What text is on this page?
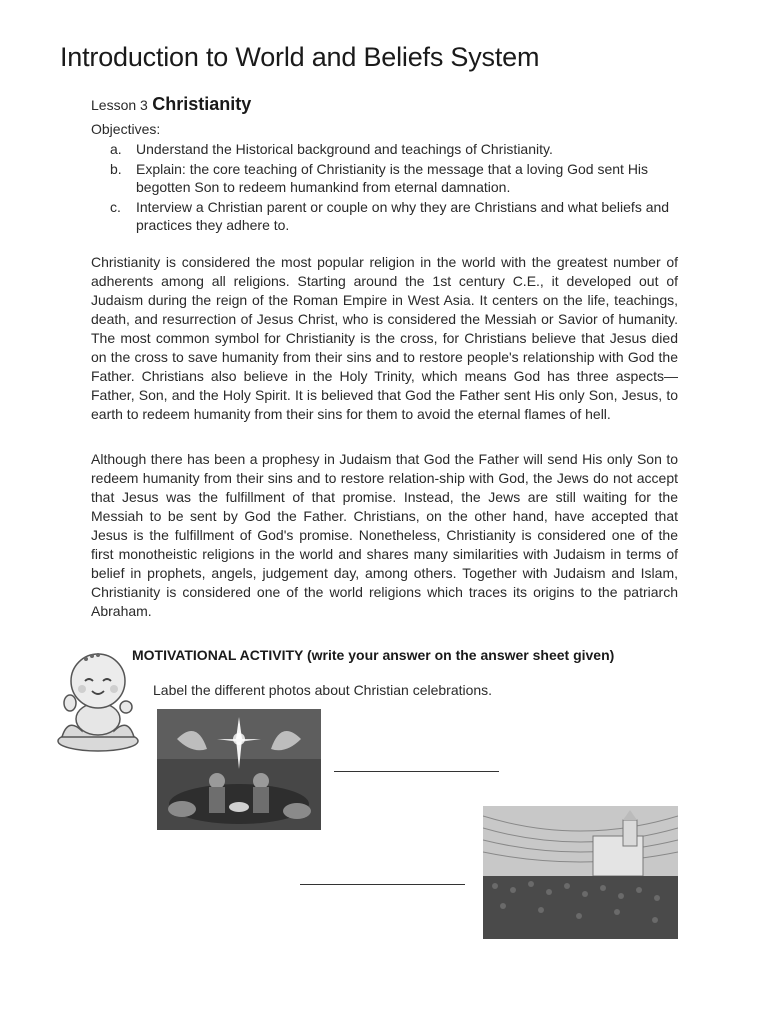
Introduction to World and Beliefs System
Lesson 3 Christianity
Objectives:
a.	Understand the Historical background and teachings of Christianity.
b.	Explain: the core teaching of Christianity is the message that a loving God sent His begotten Son to redeem humankind from eternal damnation.
c.	Interview a Christian parent or couple on why they are Christians and what beliefs and practices they adhere to.

Christianity is considered the most popular religion in the world with the greatest number of adherents among all religions. Starting around the 1st century C.E., it developed out of Judaism during the reign of the Roman Empire in West Asia. It centers on the life, teachings, death, and resurrection of Jesus Christ, who is considered the Messiah or Savior of humanity. The most common symbol for Christianity is the cross, for Christians believe that Jesus died on the cross to save humanity from their sins and to restore people's relationship with God the Father. Christians also believe in the Holy Trinity, which means God has three aspects—Father, Son, and the Holy Spirit. It is believed that God the Father sent His only Son, Jesus, to earth to redeem humanity from their sins for them to avoid the eternal flames of hell.

Although there has been a prophesy in Judaism that God the Father will send His only Son to redeem humanity from their sins and to restore relation-ship with God, the Jews do not accept that Jesus was the fulfillment of that promise. Instead, the Jews are still waiting for the Messiah to be sent by God the Father. Christians, on the other hand, have accepted that Jesus is the fulfillment of God's promise. Nonetheless, Christianity is considered one of the first monotheistic religions in the world and shares many similarities with Judaism in terms of belief in prophets, angels, judgement day, among others. Together with Judaism and Islam, Christianity is considered one of the world religions which traces its origins to the patriarch Abraham.

MOTIVATIONAL ACTIVITY (write your answer on the answer sheet given)
Label the different photos about Christian celebrations.
